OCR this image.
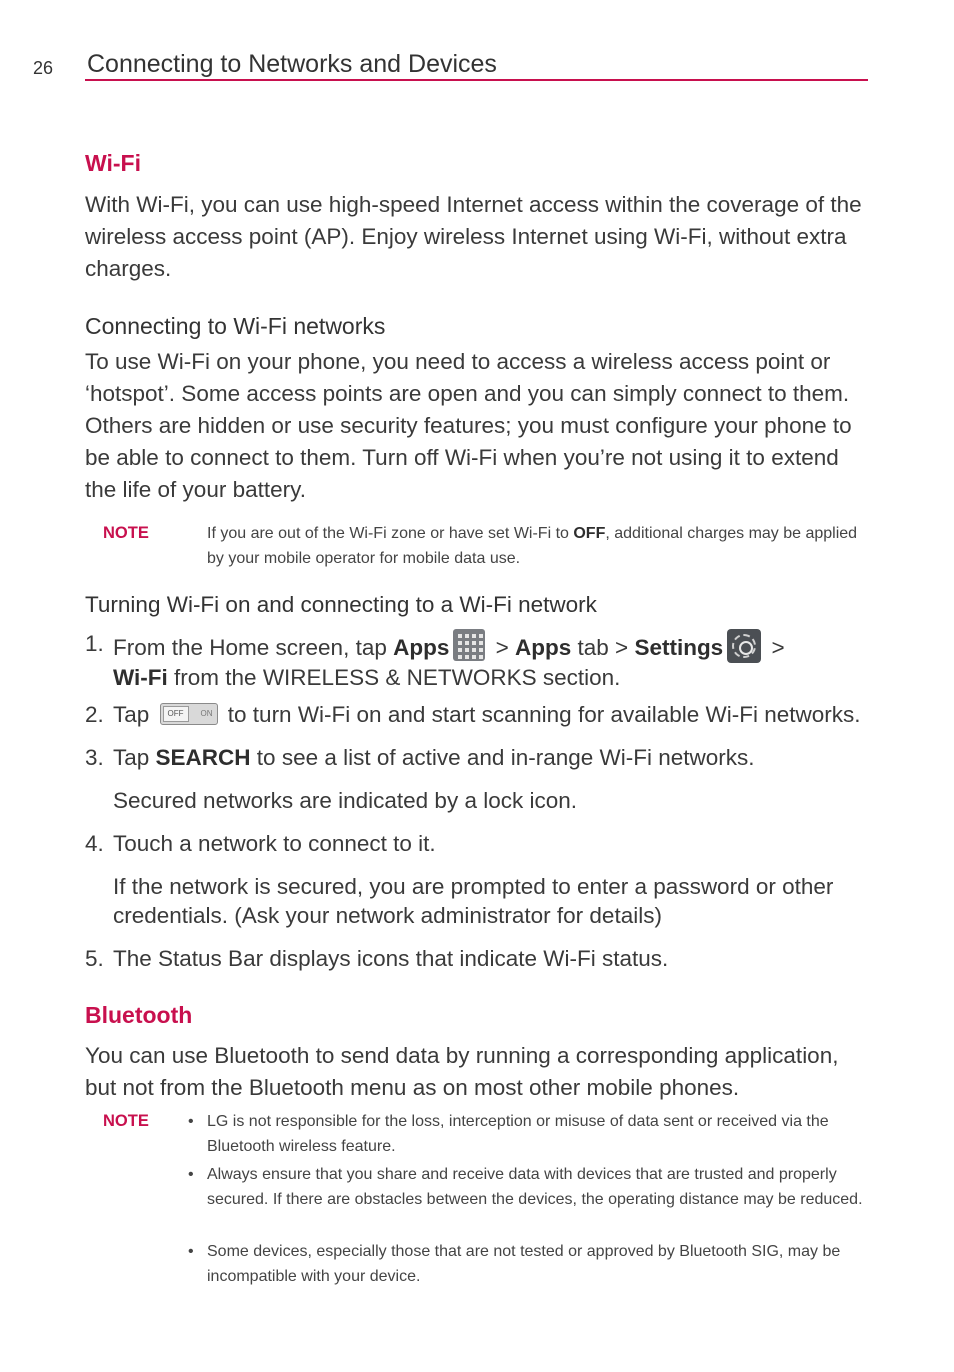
26 Connecting to Networks and Devices
Wi-Fi
With Wi-Fi, you can use high-speed Internet access within the coverage of the wireless access point (AP). Enjoy wireless Internet using Wi-Fi, without extra charges.
Connecting to Wi-Fi networks
To use Wi-Fi on your phone, you need to access a wireless access point or ‘hotspot’. Some access points are open and you can simply connect to them. Others are hidden or use security features; you must configure your phone to be able to connect to them. Turn off Wi-Fi when you’re not using it to extend the life of your battery.
NOTE	If you are out of the Wi-Fi zone or have set Wi-Fi to OFF, additional charges may be applied by your mobile operator for mobile data use.
Turning Wi-Fi on and connecting to a Wi-Fi network
1. From the Home screen, tap Apps
> Apps tab > Settings >
Wi-Fi from the WIRELESS & NETWORKS section.
2. Tap	OFF	ON to turn Wi-Fi on and start scanning for available Wi-Fi networks.
3. Tap SEARCH to see a list of active and in-range Wi-Fi networks.
Secured networks are indicated by a lock icon.
4. Touch a network to connect to it.
If the network is secured, you are prompted to enter a password or other credentials. (Ask your network administrator for details)
5. The Status Bar displays icons that indicate Wi-Fi status.
Bluetooth
You can use Bluetooth to send data by running a corresponding application, but not from the Bluetooth menu as on most other mobile phones.
NOTE • LG is not responsible for the loss, interception or misuse of data sent or received via the Bluetooth wireless feature.
• Always ensure that you share and receive data with devices that are trusted and properly secured. If there are obstacles between the devices, the operating distance may be reduced.
• Some devices, especially those that are not tested or approved by Bluetooth SIG, may be incompatible with your device.
